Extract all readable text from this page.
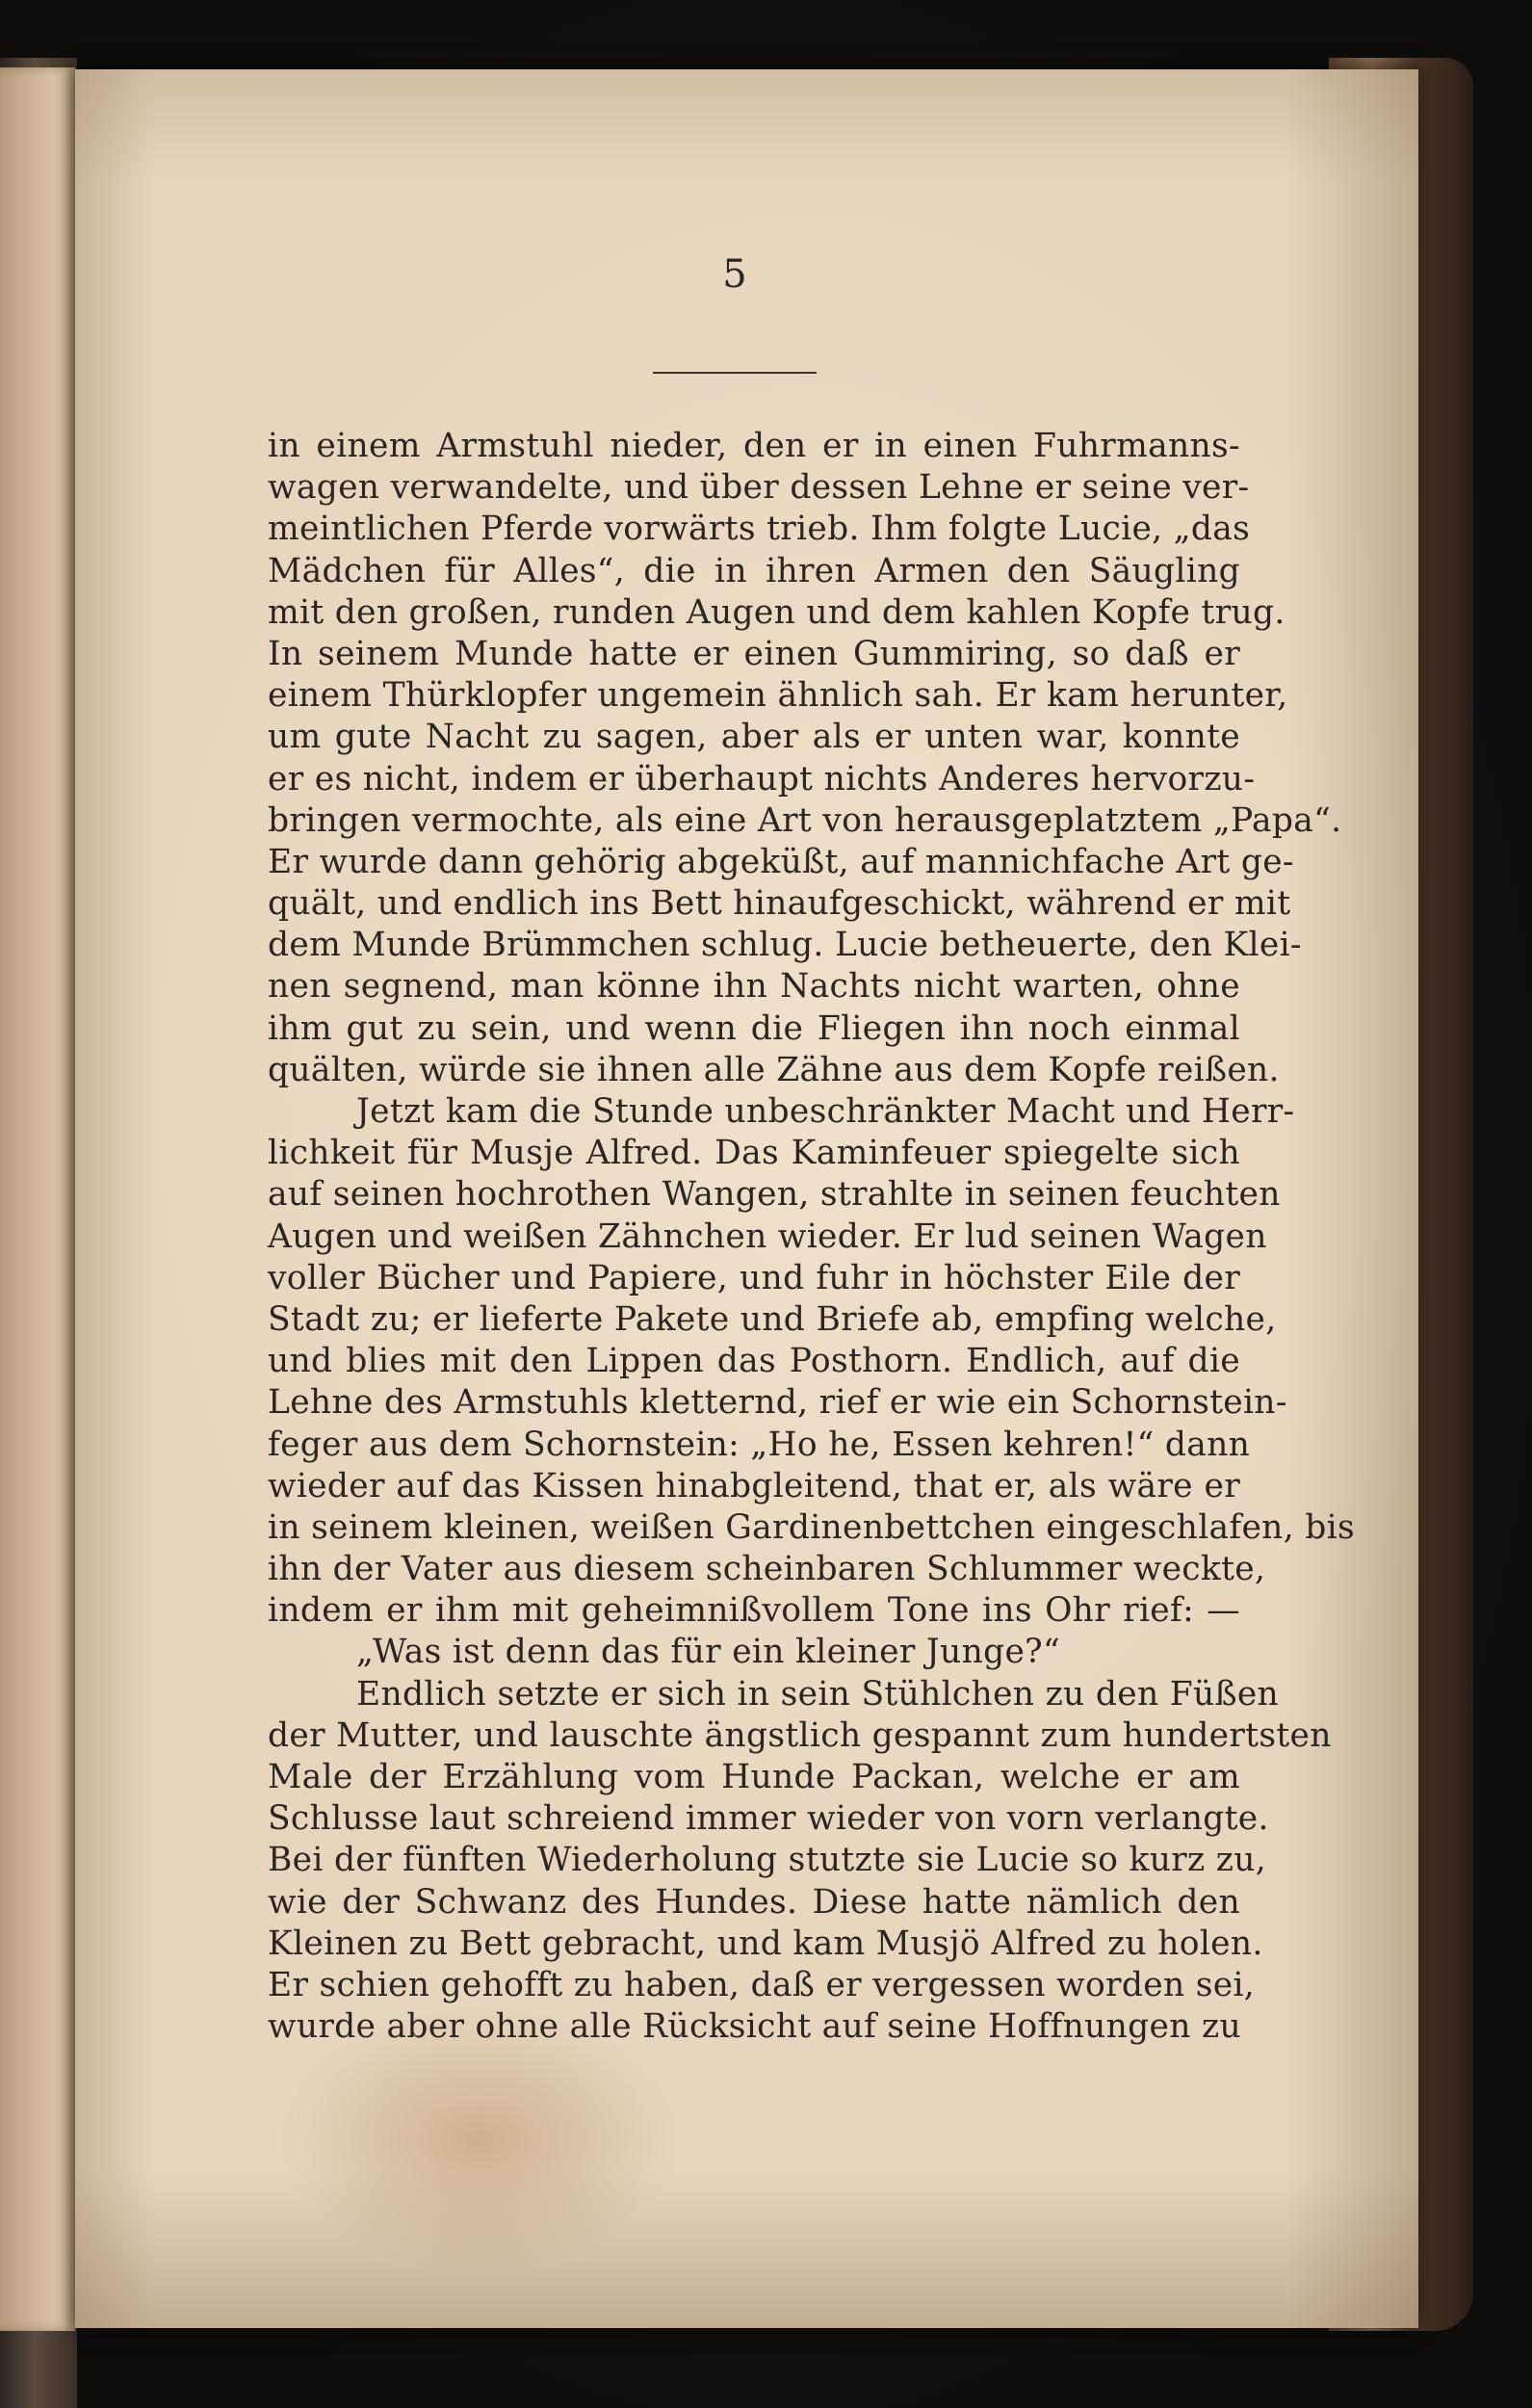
5
in einem Armstuhl nieder, den er in einen Fuhrmanns-
wagen verwandelte, und über dessen Lehne er seine ver-
meintlichen Pferde vorwärts trieb. Ihm folgte Lucie, „das
Mädchen für Alles“, die in ihren Armen den Säugling
mit den großen, runden Augen und dem kahlen Kopfe trug.
In seinem Munde hatte er einen Gummiring, so daß er
einem Thürklopfer ungemein ähnlich sah. Er kam herunter,
um gute Nacht zu sagen, aber als er unten war, konnte
er es nicht, indem er überhaupt nichts Anderes hervorzu-
bringen vermochte, als eine Art von herausgeplatztem „Papa“.
Er wurde dann gehörig abgeküßt, auf mannichfache Art ge-
quält, und endlich ins Bett hinaufgeschickt, während er mit
dem Munde Brümmchen schlug. Lucie betheuerte, den Klei-
nen segnend, man könne ihn Nachts nicht warten, ohne
ihm gut zu sein, und wenn die Fliegen ihn noch einmal
quälten, würde sie ihnen alle Zähne aus dem Kopfe reißen.
Jetzt kam die Stunde unbeschränkter Macht und Herr-
lichkeit für Musje Alfred. Das Kaminfeuer spiegelte sich
auf seinen hochrothen Wangen, strahlte in seinen feuchten
Augen und weißen Zähnchen wieder. Er lud seinen Wagen
voller Bücher und Papiere, und fuhr in höchster Eile der
Stadt zu; er lieferte Pakete und Briefe ab, empfing welche,
und blies mit den Lippen das Posthorn. Endlich, auf die
Lehne des Armstuhls kletternd, rief er wie ein Schornstein-
feger aus dem Schornstein: „Ho he, Essen kehren!“ dann
wieder auf das Kissen hinabgleitend, that er, als wäre er
in seinem kleinen, weißen Gardinenbettchen eingeschlafen, bis
ihn der Vater aus diesem scheinbaren Schlummer weckte,
indem er ihm mit geheimnißvollem Tone ins Ohr rief: —
„Was ist denn das für ein kleiner Junge?“
Endlich setzte er sich in sein Stühlchen zu den Füßen
der Mutter, und lauschte ängstlich gespannt zum hundertsten
Male der Erzählung vom Hunde Packan, welche er am
Schlusse laut schreiend immer wieder von vorn verlangte.
Bei der fünften Wiederholung stutzte sie Lucie so kurz zu,
wie der Schwanz des Hundes. Diese hatte nämlich den
Kleinen zu Bett gebracht, und kam Musjö Alfred zu holen.
Er schien gehofft zu haben, daß er vergessen worden sei,
wurde aber ohne alle Rücksicht auf seine Hoffnungen zu
